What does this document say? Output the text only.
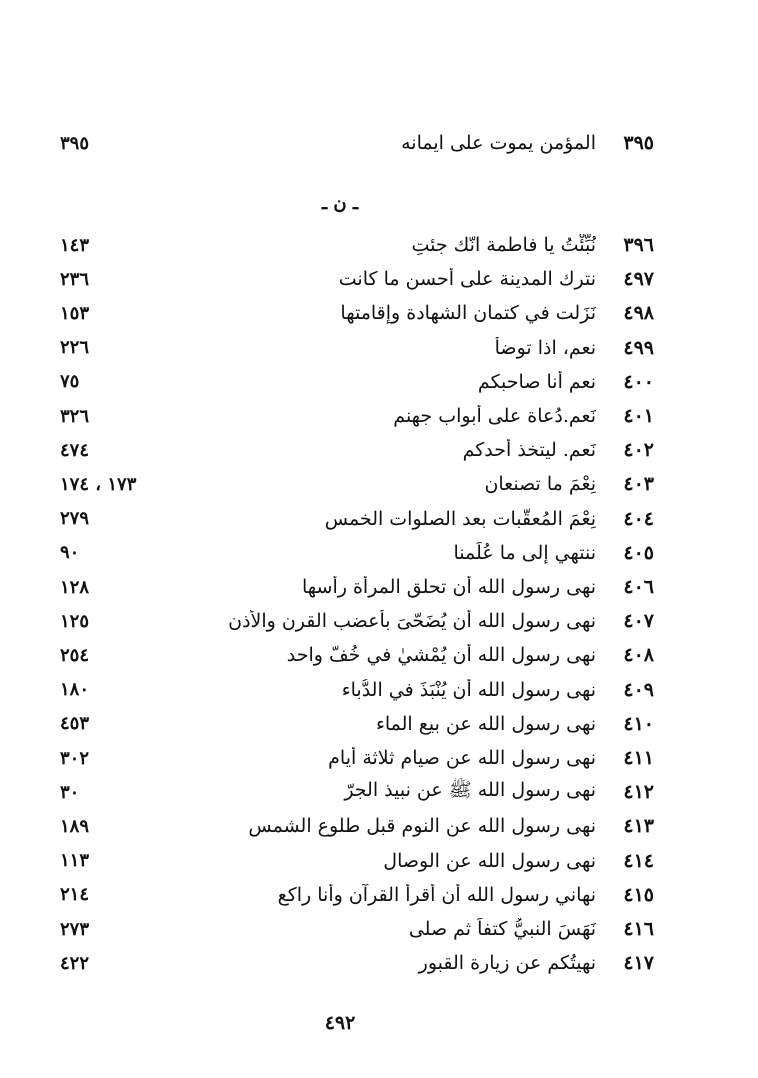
٣٩٥
المؤمن يموت على ايمانه
٣٩٥
ـ ن ـ
٣٩٦
نُبِّئْتُ يا فاطمة انّك جئتِ
١٤٣
٤٩٧
نترك المدينة على أحسن ما كانت
٢٣٦
٤٩٨
نَزَلت في كتمان الشهادة وإقامتها
١٥٣
٤٩٩
نعم، اذا توضأ
٢٢٦
٤٠٠
نعم أنا صاحبكم
٧٥
٤٠١
نَعم.دُعاة على أبواب جهنم
٣٢٦
٤٠٢
نَعم. ليتخذ أحدكم
٤٧٤
٤٠٣
نِعْمَ ما تصنعان
١٧٣ ، ١٧٤
٤٠٤
نِعْمَ المُعقَّبات بعد الصلوات الخمس
٢٧٩
٤٠٥
ننتهي إلى ما عُلِّمنا
٩٠
٤٠٦
نهى رسول الله أن تحلق المرأة رأسها
١٢٨
٤٠٧
نهى رسول الله أن يُضَحّىَ بأعضب القرن والأذن
١٢٥
٤٠٨
نهى رسول الله أن يُمْشيٰ في خُفّ واحد
٢٥٤
٤٠٩
نهى رسول الله أن يُنْبَذَ في الدُّباء
١٨٠
٤١٠
نهى رسول الله عن بيع الماء
٤٥٣
٤١١
نهى رسول الله عن صيام ثلاثة أيام
٣٠٢
٤١٢
نهى رسول الله ﷺ عن نبيذ الجرّ
٣٠
٤١٣
نهى رسول الله عن النوم قبل طلوع الشمس
١٨٩
٤١٤
نهى رسول الله عن الوصال
١١٣
٤١٥
نهاني رسول الله أن أقرأ القرآن وأنا راكع
٢١٤
٤١٦
نَهَسَ النبيُّ كتفاً ثم صلى
٢٧٣
٤١٧
نهيتُكم عن زيارة القبور
٤٢٢
٤٩٢
